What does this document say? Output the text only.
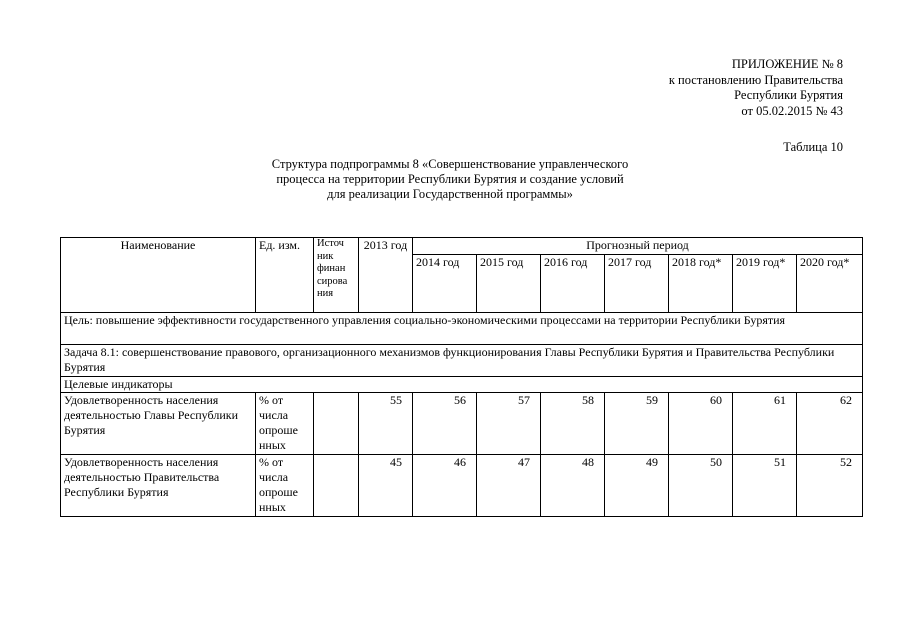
ПРИЛОЖЕНИЕ № 8
к постановлению Правительства
Республики Бурятия
от 05.02.2015 № 43
Таблица 10
Структура подпрограммы 8 «Совершенствование управленческого
процесса на территории Республики Бурятия и создание условий
для реализации Государственной программы»
Наименование	Ед. изм.	Источ ник финан сирова ния	2013 год	Прогнозный период						
				2014 год	2015 год	2016 год	2017 год	2018 год*	2019 год*	2020 год*
Цель: повышение эффективности государственного управления социально-экономическими процессами на территории Республики Бурятия										
Задача 8.1: совершенствование правового, организационного механизмов функционирования Главы Республики Бурятия и Правительства Республики Бурятия										
Целевые индикаторы										
Удовлетворенность населения деятельностью Главы Республики Бурятия	% от числа опроше нных		55	56	57	58	59	60	61	62
Удовлетворенность населения деятельностью Правительства Республики Бурятия	% от числа опроше нных		45	46	47	48	49	50	51	52
